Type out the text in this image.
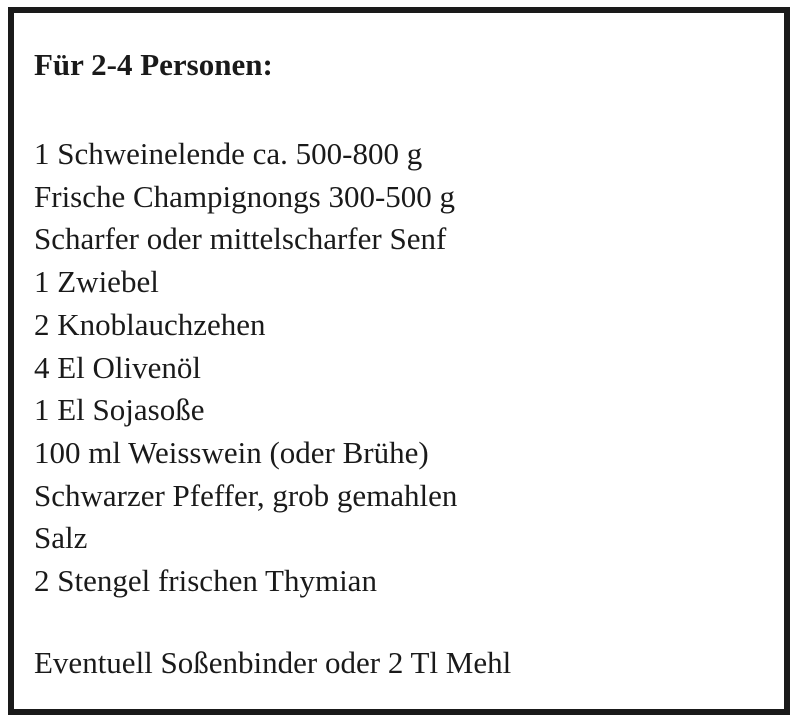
Für 2-4 Personen:
1 Schweinelende ca. 500-800 g
Frische Champignongs 300-500 g
Scharfer oder mittelscharfer Senf
1 Zwiebel
2 Knoblauchzehen
4 El Olivenöl
1 El Sojasoße
100 ml Weisswein (oder Brühe)
Schwarzer Pfeffer, grob gemahlen
Salz
2 Stengel frischen Thymian
Eventuell Soßenbinder oder 2 Tl Mehl
